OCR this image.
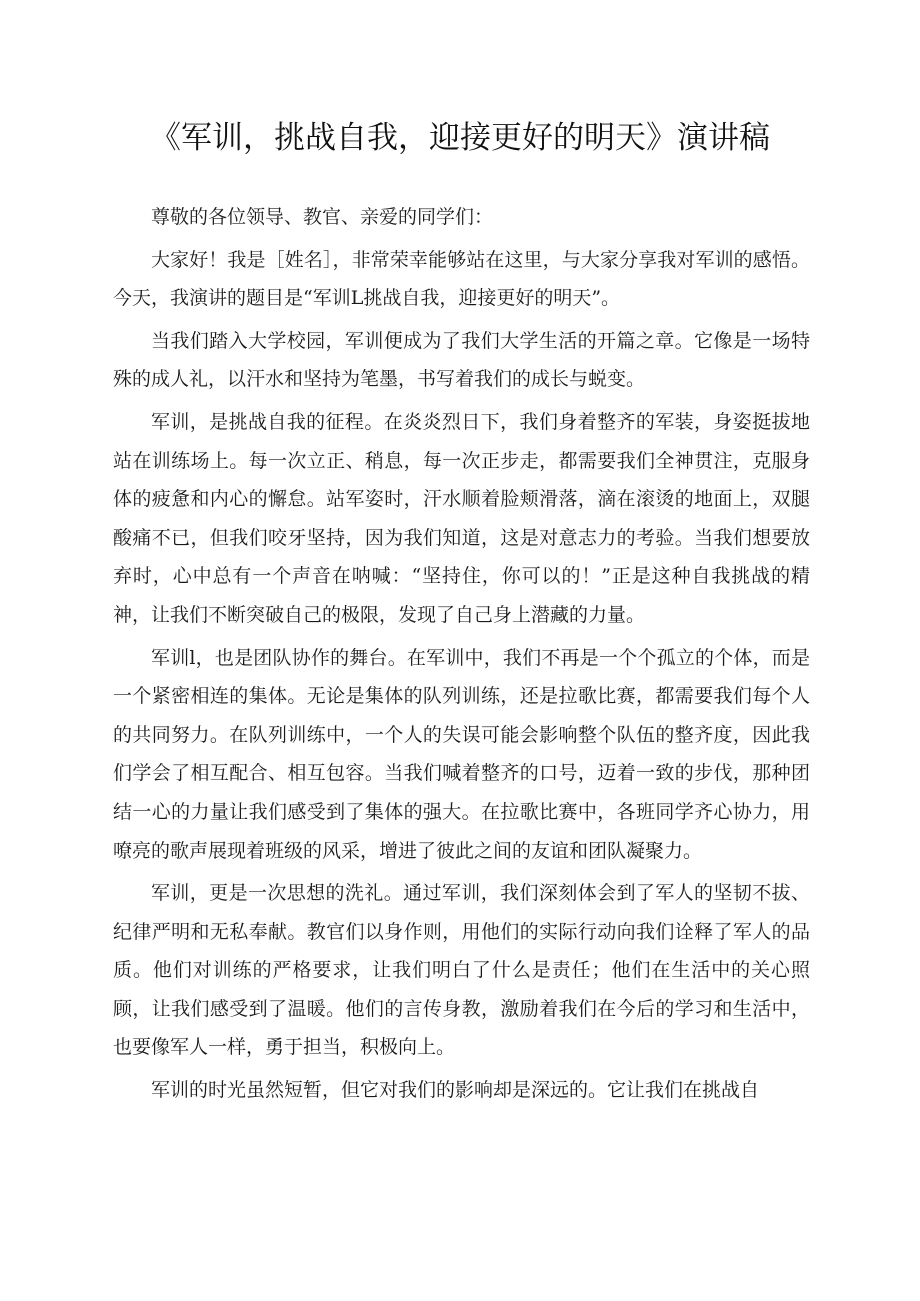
《军训，挑战自我，迎接更好的明天》演讲稿

尊敬的各位领导、教官、亲爱的同学们：

大家好！我是［姓名］，非常荣幸能够站在这里，与大家分享我对军训的感悟。今天，我演讲的题目是“军训L挑战自我，迎接更好的明天”。

当我们踏入大学校园，军训便成为了我们大学生活的开篇之章。它像是一场特殊的成人礼，以汗水和坚持为笔墨，书写着我们的成长与蜕变。

军训，是挑战自我的征程。在炎炎烈日下，我们身着整齐的军装，身姿挺拔地站在训练场上。每一次立正、稍息，每一次正步走，都需要我们全神贯注，克服身体的疲惫和内心的懈怠。站军姿时，汗水顺着脸颊滑落，滴在滚烫的地面上，双腿酸痛不已，但我们咬牙坚持，因为我们知道，这是对意志力的考验。当我们想要放弃时，心中总有一个声音在呐喊：“坚持住，你可以的！”正是这种自我挑战的精神，让我们不断突破自己的极限，发现了自己身上潜藏的力量。

军训l，也是团队协作的舞台。在军训中，我们不再是一个个孤立的个体，而是一个紧密相连的集体。无论是集体的队列训练，还是拉歌比赛，都需要我们每个人的共同努力。在队列训练中，一个人的失误可能会影响整个队伍的整齐度，因此我们学会了相互配合、相互包容。当我们喊着整齐的口号，迈着一致的步伐，那种团结一心的力量让我们感受到了集体的强大。在拉歌比赛中，各班同学齐心协力，用嘹亮的歌声展现着班级的风采，增进了彼此之间的友谊和团队凝聚力。

军训，更是一次思想的洗礼。通过军训，我们深刻体会到了军人的坚韧不拔、纪律严明和无私奉献。教官们以身作则，用他们的实际行动向我们诠释了军人的品质。他们对训练的严格要求，让我们明白了什么是责任；他们在生活中的关心照顾，让我们感受到了温暖。他们的言传身教，激励着我们在今后的学习和生活中，也要像军人一样，勇于担当，积极向上。

军训的时光虽然短暂，但它对我们的影响却是深远的。它让我们在挑战自
